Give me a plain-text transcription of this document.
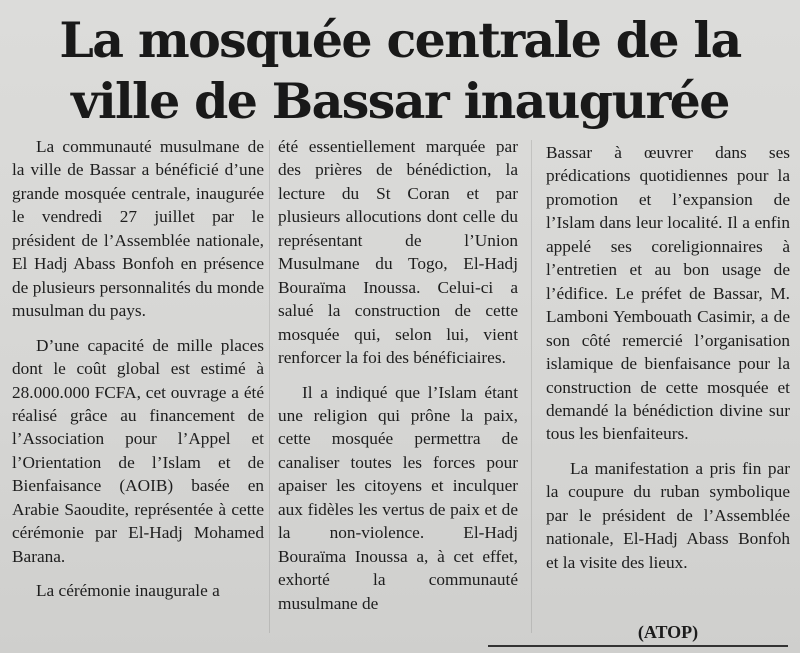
La mosquée centrale de la
ville de Bassar inaugurée

La communauté musulmane de la ville de Bassar a bénéficié d’une grande mosquée centrale, inaugurée le vendredi 27 juillet par le président de l’Assemblée nationale, El Hadj Abass Bonfoh en présence de plusieurs personnalités du monde musulman du pays.

D’une capacité de mille places dont le coût global est estimé à 28.000.000 FCFA, cet ouvrage a été réalisé grâce au financement de l’Association pour l’Appel et l’Orientation de l’Islam et de Bienfaisance (AOIB) basée en Arabie Saoudite, représentée à cette cérémonie par El-Hadj Mohamed Barana.

La cérémonie inaugurale a

été essentiellement marquée par des prières de bénédiction, la lecture du St Coran et par plusieurs allocutions dont celle du représentant de l’Union Musulmane du Togo, El-Hadj Bouraïma Inoussa. Celui-ci a salué la construction de cette mosquée qui, selon lui, vient renforcer la foi des bénéficiaires.

Il a indiqué que l’Islam étant une religion qui prône la paix, cette mosquée permettra de canaliser toutes les forces pour apaiser les citoyens et inculquer aux fidèles les vertus de paix et de la non-violence. El-Hadj Bouraïma Inoussa a, à cet effet, exhorté la communauté musulmane de

Bassar à œuvrer dans ses prédications quotidiennes pour la promotion et l’expansion de l’Islam dans leur localité. Il a enfin appelé ses coreligionnaires à l’entretien et au bon usage de l’édifice. Le préfet de Bassar, M. Lamboni Yembouath Casimir, a de son côté remercié l’organisation islamique de bienfaisance pour la construction de cette mosquée et demandé la bénédiction divine sur tous les bienfaiteurs.

La manifestation a pris fin par la coupure du ruban symbolique par le président de l’Assemblée nationale, El-Hadj Abass Bonfoh et la visite des lieux.

(ATOP)
